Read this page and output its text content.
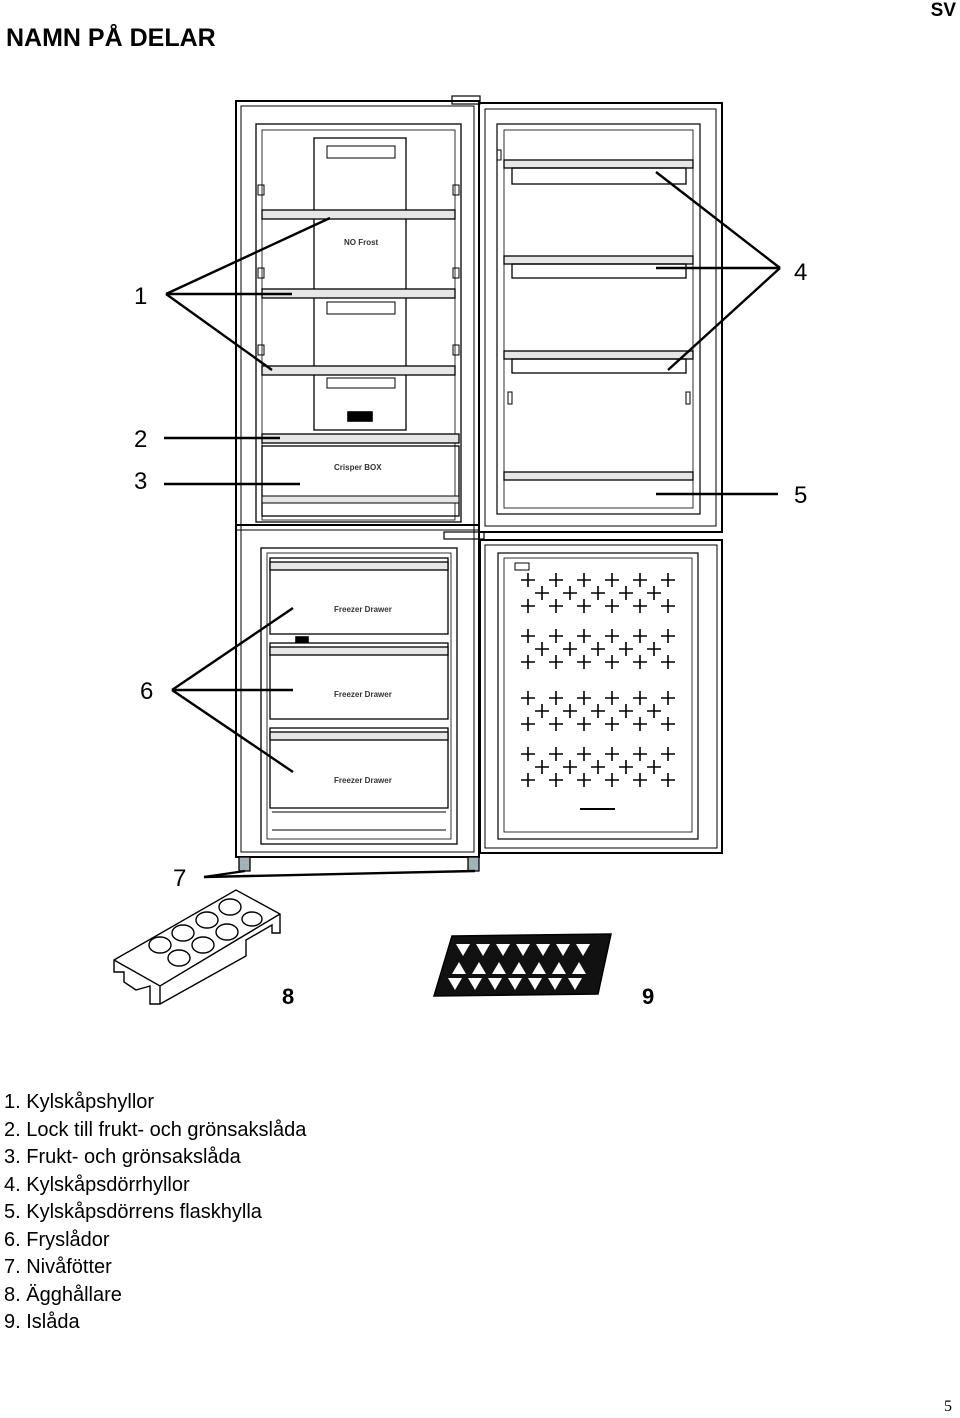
NAMN PÅ DELAR
SV
NO Frost
Crisper BOX
Freezer Drawer
Freezer Drawer
Freezer Drawer
1
2
3
4
5
6
7
8	9
1. Kylskåpshyllor
2. Lock till frukt- och grönsakslåda
3. Frukt- och grönsakslåda
4. Kylskåpsdörrhyllor
5. Kylskåpsdörrens flaskhylla
6. Fryslådor
7. Nivåfötter
8. Ägghållare
9. Islåda
5
